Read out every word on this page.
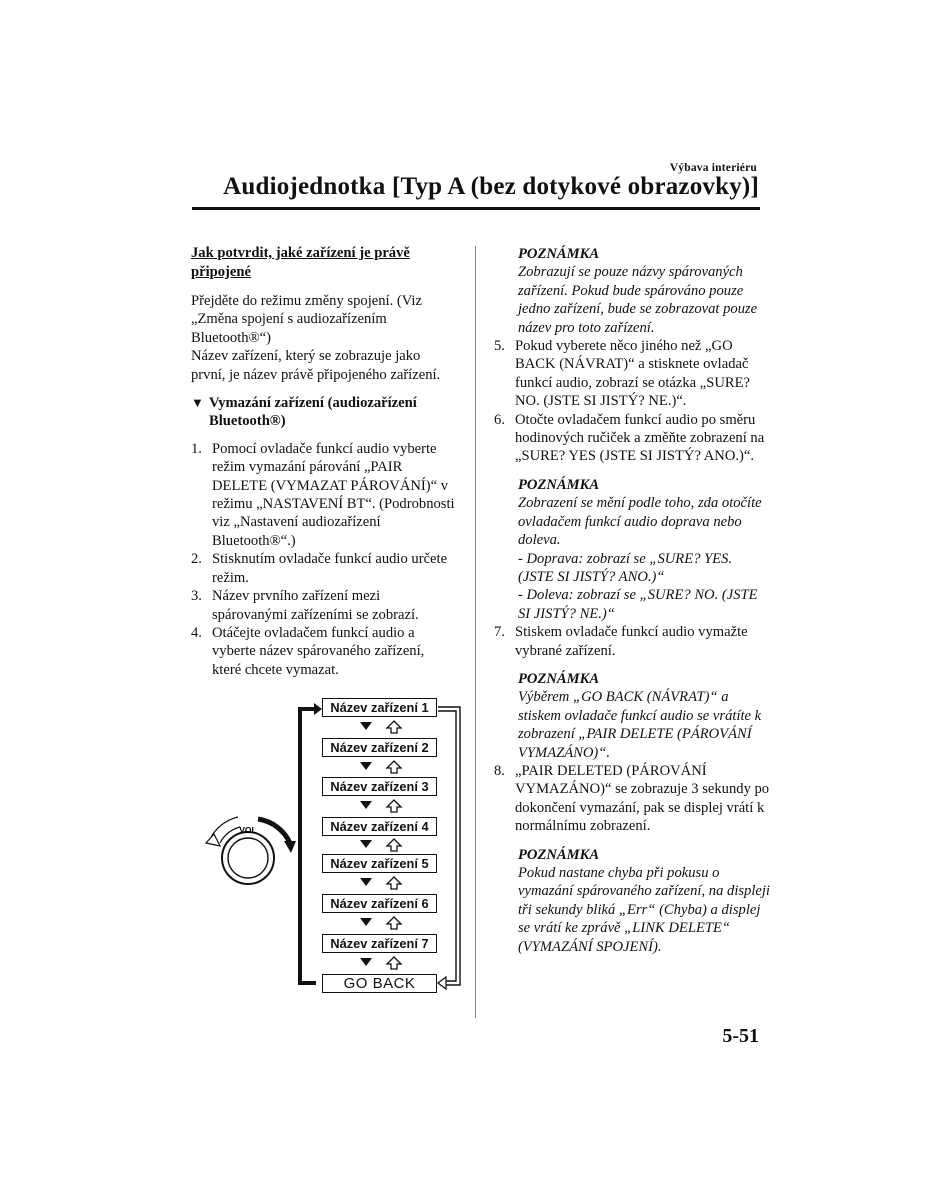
Výbava interiéru
Audiojednotka [Typ A (bez dotykové obrazovky)]
Jak potvrdit, jaké zařízení je právě
připojené

Přejděte do režimu změny spojení. (Viz
„Změna spojení s audiozařízením
Bluetooth®“)

Název zařízení, který se zobrazuje jako první, je název právě připojeného zařízení.

▼ Vymazání zařízení (audiozařízení Bluetooth®)
1. Pomocí ovladače funkcí audio vyberte režim vymazání párování „PAIR DELETE (VYMAZAT PÁROVÁNÍ)“ v režimu „NASTAVENÍ BT“. (Podrobnosti viz „Nastavení audiozařízení Bluetooth®“.)
2. Stisknutím ovladače funkcí audio určete režim.
3. Název prvního zařízení mezi spárovanými zařízeními se zobrazí.
4. Otáčejte ovladačem funkcí audio a vyberte název spárovaného zařízení, které chcete vymazat.
VOL
Název zařízení 1
Název zařízení 2
Název zařízení 3
Název zařízení 4
Název zařízení 5
Název zařízení 6
Název zařízení 7
GO BACK
POZNÁMKA
Zobrazují se pouze názvy spárovaných zařízení. Pokud bude spárováno pouze jedno zařízení, bude se zobrazovat pouze název pro toto zařízení.
5. Pokud vyberete něco jiného než „GO BACK (NÁVRAT)“ a stisknete ovladač funkcí audio, zobrazí se otázka „SURE? NO. (JSTE SI JISTÝ? NE.)“.
6. Otočte ovladačem funkcí audio po směru hodinových ručiček a změňte zobrazení na „SURE? YES (JSTE SI JISTÝ? ANO.)“.
POZNÁMKA
Zobrazení se mění podle toho, zda otočíte ovladačem funkcí audio doprava nebo doleva.
- Doprava: zobrazí se „SURE? YES. (JSTE SI JISTÝ? ANO.)“
- Doleva: zobrazí se „SURE? NO. (JSTE SI JISTÝ? NE.)“
7. Stiskem ovladače funkcí audio vymažte vybrané zařízení.
POZNÁMKA
Výběrem „GO BACK (NÁVRAT)“ a stiskem ovladače funkcí audio se vrátíte k zobrazení „PAIR DELETE (PÁROVÁNÍ VYMAZÁNO)“.
8. „PAIR DELETED (PÁROVÁNÍ VYMAZÁNO)“ se zobrazuje 3 sekundy po dokončení vymazání, pak se displej vrátí k normálnímu zobrazení.
POZNÁMKA
Pokud nastane chyba při pokusu o vymazání spárovaného zařízení, na displeji tři sekundy bliká „Err“ (Chyba) a displej se vrátí ke zprávě „LINK DELETE“ (VYMAZÁNÍ SPOJENÍ).
5-51
